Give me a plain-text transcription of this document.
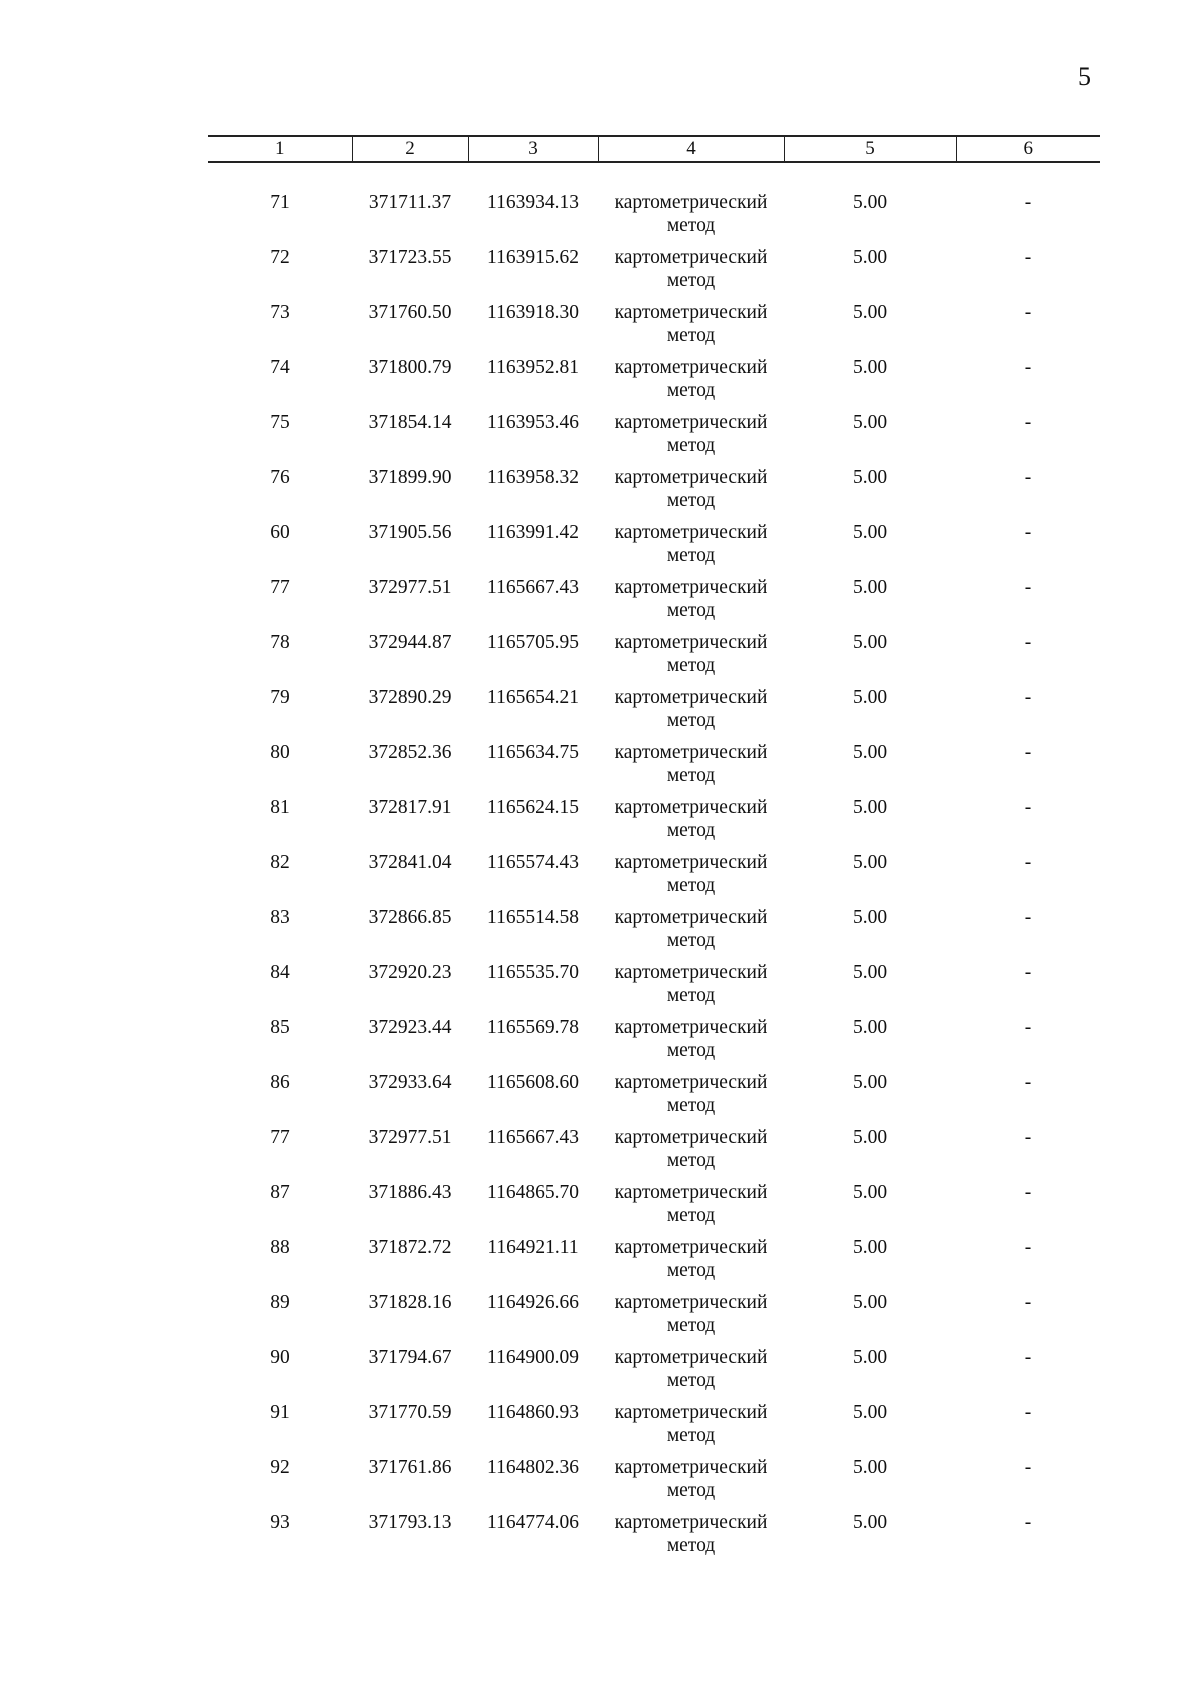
5
1	2	3	4	5	6

71	371711.37	1163934.13	картометрический метод	5.00	-
72	371723.55	1163915.62	картометрический метод	5.00	-
73	371760.50	1163918.30	картометрический метод	5.00	-
74	371800.79	1163952.81	картометрический метод	5.00	-
75	371854.14	1163953.46	картометрический метод	5.00	-
76	371899.90	1163958.32	картометрический метод	5.00	-
60	371905.56	1163991.42	картометрический метод	5.00	-
77	372977.51	1165667.43	картометрический метод	5.00	-
78	372944.87	1165705.95	картометрический метод	5.00	-
79	372890.29	1165654.21	картометрический метод	5.00	-
80	372852.36	1165634.75	картометрический метод	5.00	-
81	372817.91	1165624.15	картометрический метод	5.00	-
82	372841.04	1165574.43	картометрический метод	5.00	-
83	372866.85	1165514.58	картометрический метод	5.00	-
84	372920.23	1165535.70	картометрический метод	5.00	-
85	372923.44	1165569.78	картометрический метод	5.00	-
86	372933.64	1165608.60	картометрический метод	5.00	-
77	372977.51	1165667.43	картометрический метод	5.00	-
87	371886.43	1164865.70	картометрический метод	5.00	-
88	371872.72	1164921.11	картометрический метод	5.00	-
89	371828.16	1164926.66	картометрический метод	5.00	-
90	371794.67	1164900.09	картометрический метод	5.00	-
91	371770.59	1164860.93	картометрический метод	5.00	-
92	371761.86	1164802.36	картометрический метод	5.00	-
93	371793.13	1164774.06	картометрический метод	5.00	-
